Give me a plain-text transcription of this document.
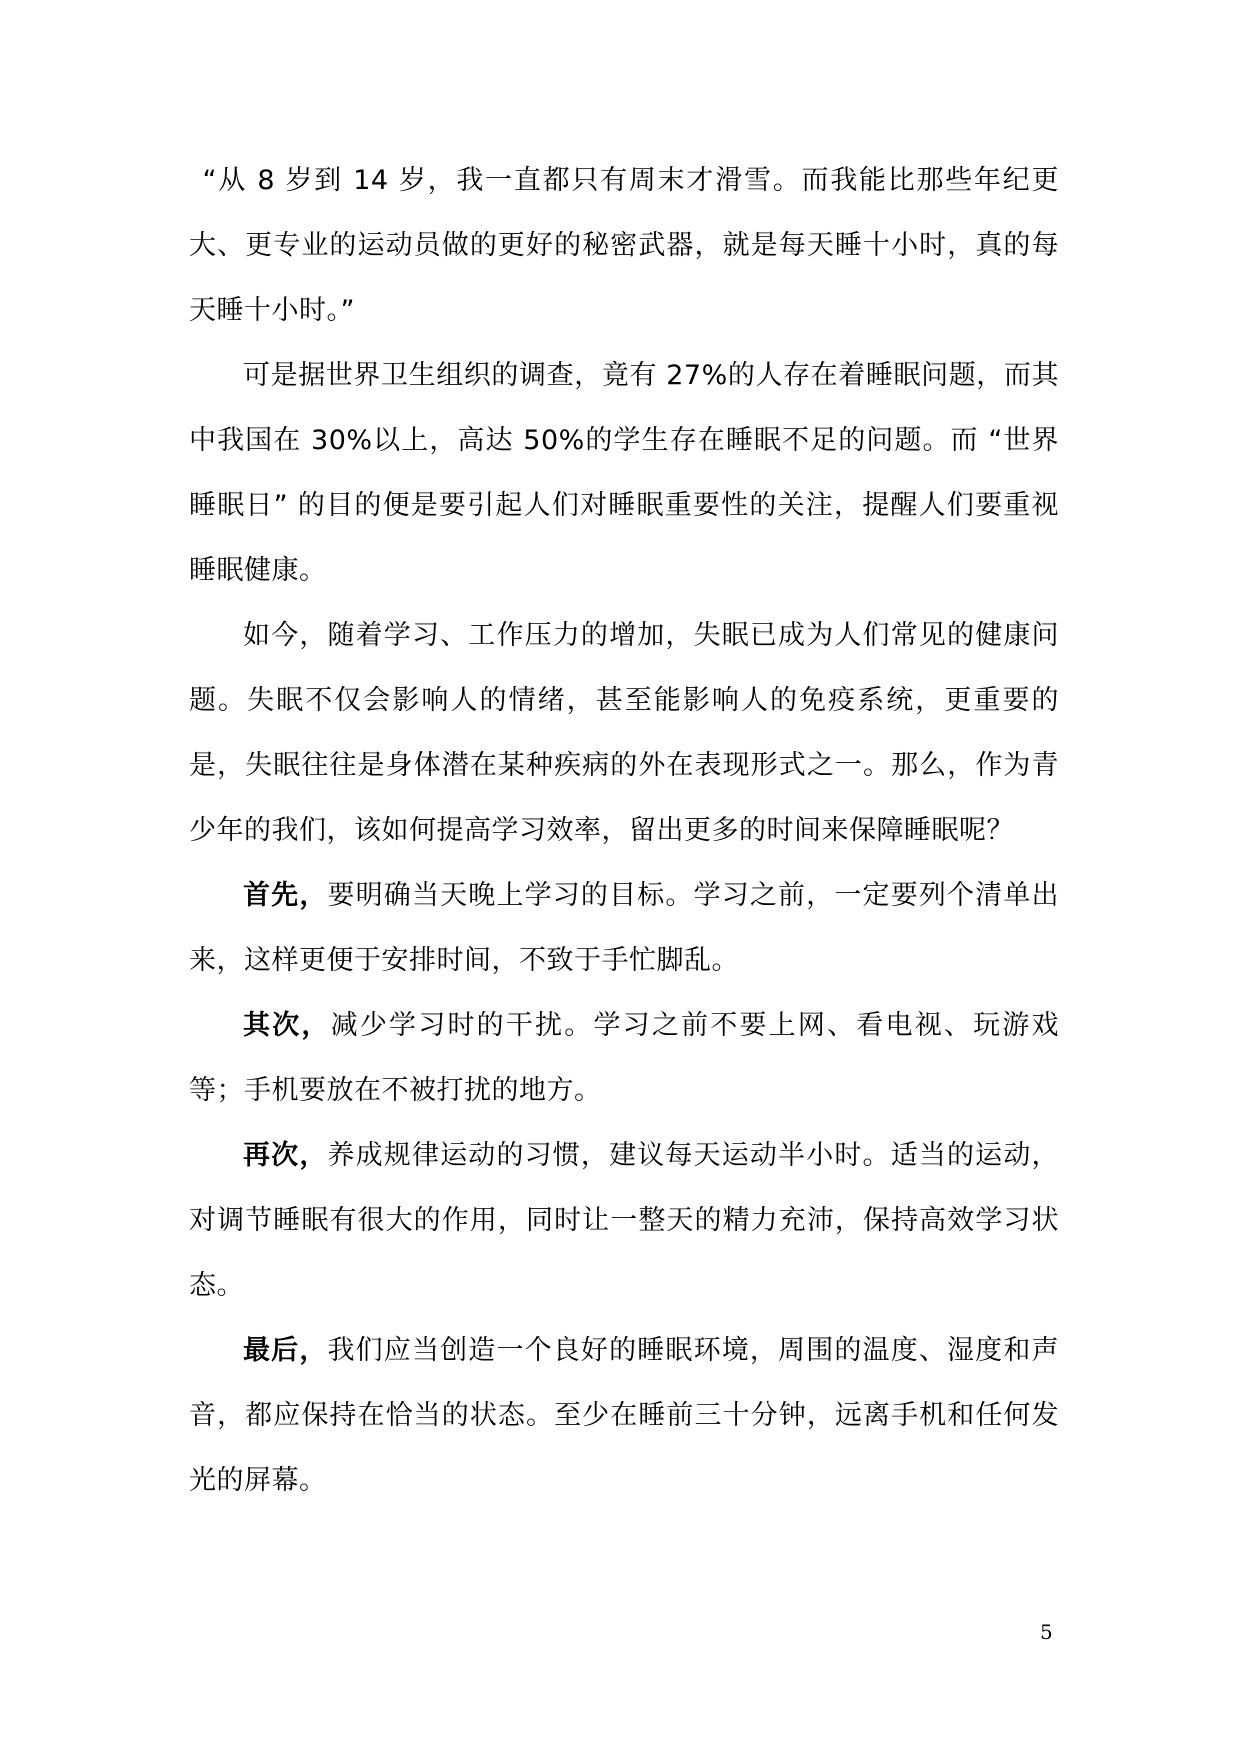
“从 8 岁到 14 岁，我一直都只有周末才滑雪。而我能比那些年纪更大、更专业的运动员做的更好的秘密武器，就是每天睡十小时，真的每天睡十小时。”

可是据世界卫生组织的调查，竟有 27%的人存在着睡眠问题，而其中我国在 30%以上，高达 50%的学生存在睡眠不足的问题。而 “世界睡眠日” 的目的便是要引起人们对睡眠重要性的关注，提醒人们要重视睡眠健康。

如今，随着学习、工作压力的增加，失眠已成为人们常见的健康问题。失眠不仅会影响人的情绪，甚至能影响人的免疫系统，更重要的是，失眠往往是身体潜在某种疾病的外在表现形式之一。那么，作为青少年的我们，该如何提高学习效率，留出更多的时间来保障睡眠呢？

首先，要明确当天晚上学习的目标。学习之前，一定要列个清单出来，这样更便于安排时间，不致于手忙脚乱。

其次，减少学习时的干扰。学习之前不要上网、看电视、玩游戏等；手机要放在不被打扰的地方。

再次，养成规律运动的习惯，建议每天运动半小时。适当的运动，对调节睡眠有很大的作用，同时让一整天的精力充沛，保持高效学习状态。

最后，我们应当创造一个良好的睡眠环境，周围的温度、湿度和声音，都应保持在恰当的状态。至少在睡前三十分钟，远离手机和任何发光的屏幕。

5
